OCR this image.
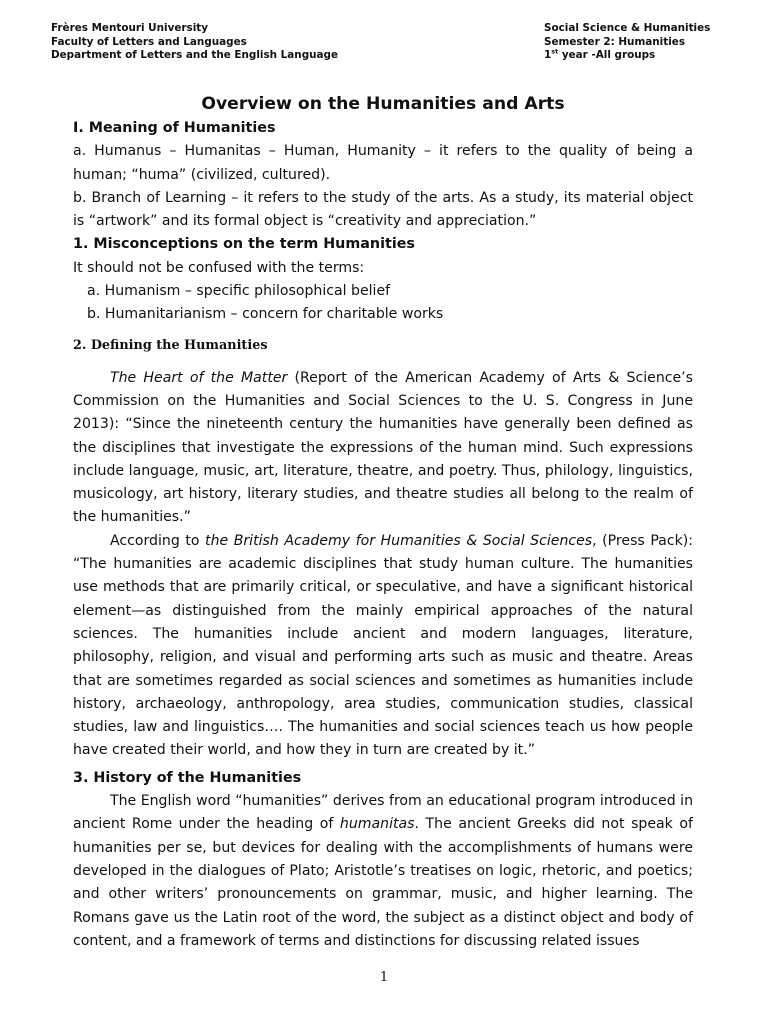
Frères Mentouri University
Faculty of Letters and Languages
Department of Letters and the English Language
Social Science & Humanities
Semester 2: Humanities
1st year -All groups
Overview on the Humanities and Arts
I. Meaning of Humanities

a. Humanus – Humanitas – Human, Humanity – it refers to the quality of being a human; “huma” (civilized, cultured).

b. Branch of Learning – it refers to the study of the arts. As a study, its material object is “artwork” and its formal object is “creativity and appreciation.”

1. Misconceptions on the term Humanities

It should not be confused with the terms:

a. Humanism – specific philosophical belief

b. Humanitarianism – concern for charitable works

2. Defining the Humanities

The Heart of the Matter (Report of the American Academy of Arts & Science’s Commission on the Humanities and Social Sciences to the U. S. Congress in June 2013): “Since the nineteenth century the humanities have generally been defined as the disciplines that investigate the expressions of the human mind. Such expressions include language, music, art, literature, theatre, and poetry. Thus, philology, linguistics, musicology, art history, literary studies, and theatre studies all belong to the realm of the humanities.”

According to the British Academy for Humanities & Social Sciences, (Press Pack): “The humanities are academic disciplines that study human culture. The humanities use methods that are primarily critical, or speculative, and have a significant historical element—as distinguished from the mainly empirical approaches of the natural sciences. The humanities include ancient and modern languages, literature, philosophy, religion, and visual and performing arts such as music and theatre. Areas that are sometimes regarded as social sciences and sometimes as humanities include history, archaeology, anthropology, area studies, communication studies, classical studies, law and linguistics…. The humanities and social sciences teach us how people have created their world, and how they in turn are created by it.”

3. History of the Humanities

The English word “humanities” derives from an educational program introduced in ancient Rome under the heading of humanitas. The ancient Greeks did not speak of humanities per se, but devices for dealing with the accomplishments of humans were developed in the dialogues of Plato; Aristotle’s treatises on logic, rhetoric, and poetics; and other writers’ pronouncements on grammar, music, and higher learning. The Romans gave us the Latin root of the word, the subject as a distinct object and body of content, and a framework of terms and distinctions for discussing related issues

1
